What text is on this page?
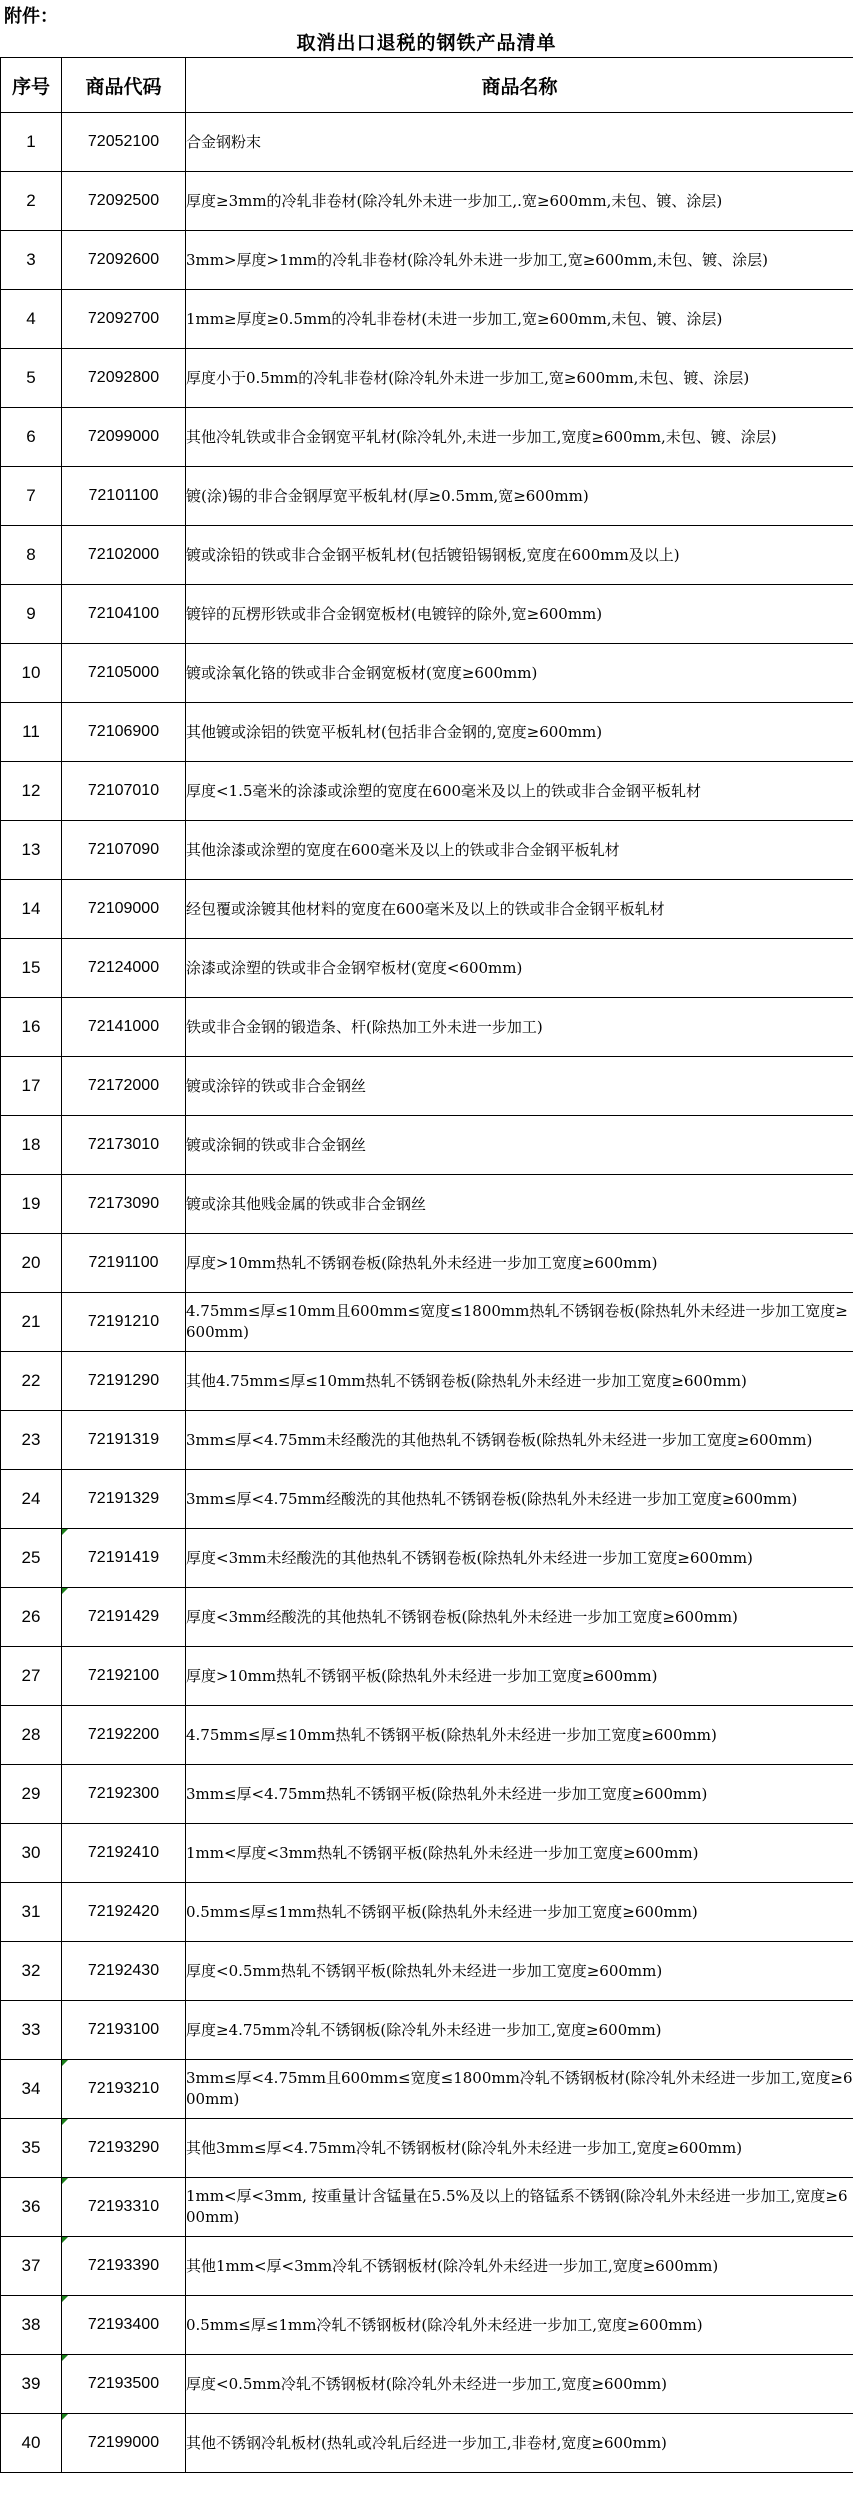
附件：
取消出口退税的钢铁产品清单
序号	商品代码	商品名称
1	72052100	合金钢粉末
2	72092500	厚度≥3mm的冷轧非卷材(除冷轧外未进一步加工,.宽≥600mm,未包、镀、涂层)
3	72092600	3mm>厚度>1mm的冷轧非卷材(除冷轧外未进一步加工,宽≥600mm,未包、镀、涂层)
4	72092700	1mm≥厚度≥0.5mm的冷轧非卷材(未进一步加工,宽≥600mm,未包、镀、涂层)
5	72092800	厚度小于0.5mm的冷轧非卷材(除冷轧外未进一步加工,宽≥600mm,未包、镀、涂层)
6	72099000	其他冷轧铁或非合金钢宽平轧材(除冷轧外,未进一步加工,宽度≥600mm,未包、镀、涂层)
7	72101100	镀(涂)锡的非合金钢厚宽平板轧材(厚≥0.5mm,宽≥600mm)
8	72102000	镀或涂铅的铁或非合金钢平板轧材(包括镀铅锡钢板,宽度在600mm及以上)
9	72104100	镀锌的瓦楞形铁或非合金钢宽板材(电镀锌的除外,宽≥600mm)
10	72105000	镀或涂氧化铬的铁或非合金钢宽板材(宽度≥600mm)
11	72106900	其他镀或涂铝的铁宽平板轧材(包括非合金钢的,宽度≥600mm)
12	72107010	厚度<1.5毫米的涂漆或涂塑的宽度在600毫米及以上的铁或非合金钢平板轧材
13	72107090	其他涂漆或涂塑的宽度在600毫米及以上的铁或非合金钢平板轧材
14	72109000	经包覆或涂镀其他材料的宽度在600毫米及以上的铁或非合金钢平板轧材
15	72124000	涂漆或涂塑的铁或非合金钢窄板材(宽度<600mm)
16	72141000	铁或非合金钢的锻造条、杆(除热加工外未进一步加工)
17	72172000	镀或涂锌的铁或非合金钢丝
18	72173010	镀或涂铜的铁或非合金钢丝
19	72173090	镀或涂其他贱金属的铁或非合金钢丝
20	72191100	厚度>10mm热轧不锈钢卷板(除热轧外未经进一步加工宽度≥600mm)
21	72191210	4.75mm≤厚≤10mm且600mm≤宽度≤1800mm热轧不锈钢卷板(除热轧外未经进一步加工宽度≥600mm)
22	72191290	其他4.75mm≤厚≤10mm热轧不锈钢卷板(除热轧外未经进一步加工宽度≥600mm)
23	72191319	3mm≤厚<4.75mm未经酸洗的其他热轧不锈钢卷板(除热轧外未经进一步加工宽度≥600mm)
24	72191329	3mm≤厚<4.75mm经酸洗的其他热轧不锈钢卷板(除热轧外未经进一步加工宽度≥600mm)
25	72191419	厚度<3mm未经酸洗的其他热轧不锈钢卷板(除热轧外未经进一步加工宽度≥600mm)
26	72191429	厚度<3mm经酸洗的其他热轧不锈钢卷板(除热轧外未经进一步加工宽度≥600mm)
27	72192100	厚度>10mm热轧不锈钢平板(除热轧外未经进一步加工宽度≥600mm)
28	72192200	4.75mm≤厚≤10mm热轧不锈钢平板(除热轧外未经进一步加工宽度≥600mm)
29	72192300	3mm≤厚<4.75mm热轧不锈钢平板(除热轧外未经进一步加工宽度≥600mm)
30	72192410	1mm<厚度<3mm热轧不锈钢平板(除热轧外未经进一步加工宽度≥600mm)
31	72192420	0.5mm≤厚≤1mm热轧不锈钢平板(除热轧外未经进一步加工宽度≥600mm)
32	72192430	厚度<0.5mm热轧不锈钢平板(除热轧外未经进一步加工宽度≥600mm)
33	72193100	厚度≥4.75mm冷轧不锈钢板(除冷轧外未经进一步加工,宽度≥600mm)
34	72193210	3mm≤厚<4.75mm且600mm≤宽度≤1800mm冷轧不锈钢板材(除冷轧外未经进一步加工,宽度≥600mm)
35	72193290	其他3mm≤厚<4.75mm冷轧不锈钢板材(除冷轧外未经进一步加工,宽度≥600mm)
36	72193310	1mm<厚<3mm, 按重量计含锰量在5.5%及以上的铬锰系不锈钢(除冷轧外未经进一步加工,宽度≥600mm)
37	72193390	其他1mm<厚<3mm冷轧不锈钢板材(除冷轧外未经进一步加工,宽度≥600mm)
38	72193400	0.5mm≤厚≤1mm冷轧不锈钢板材(除冷轧外未经进一步加工,宽度≥600mm)
39	72193500	厚度<0.5mm冷轧不锈钢板材(除冷轧外未经进一步加工,宽度≥600mm)
40	72199000	其他不锈钢冷轧板材(热轧或冷轧后经进一步加工,非卷材,宽度≥600mm)
